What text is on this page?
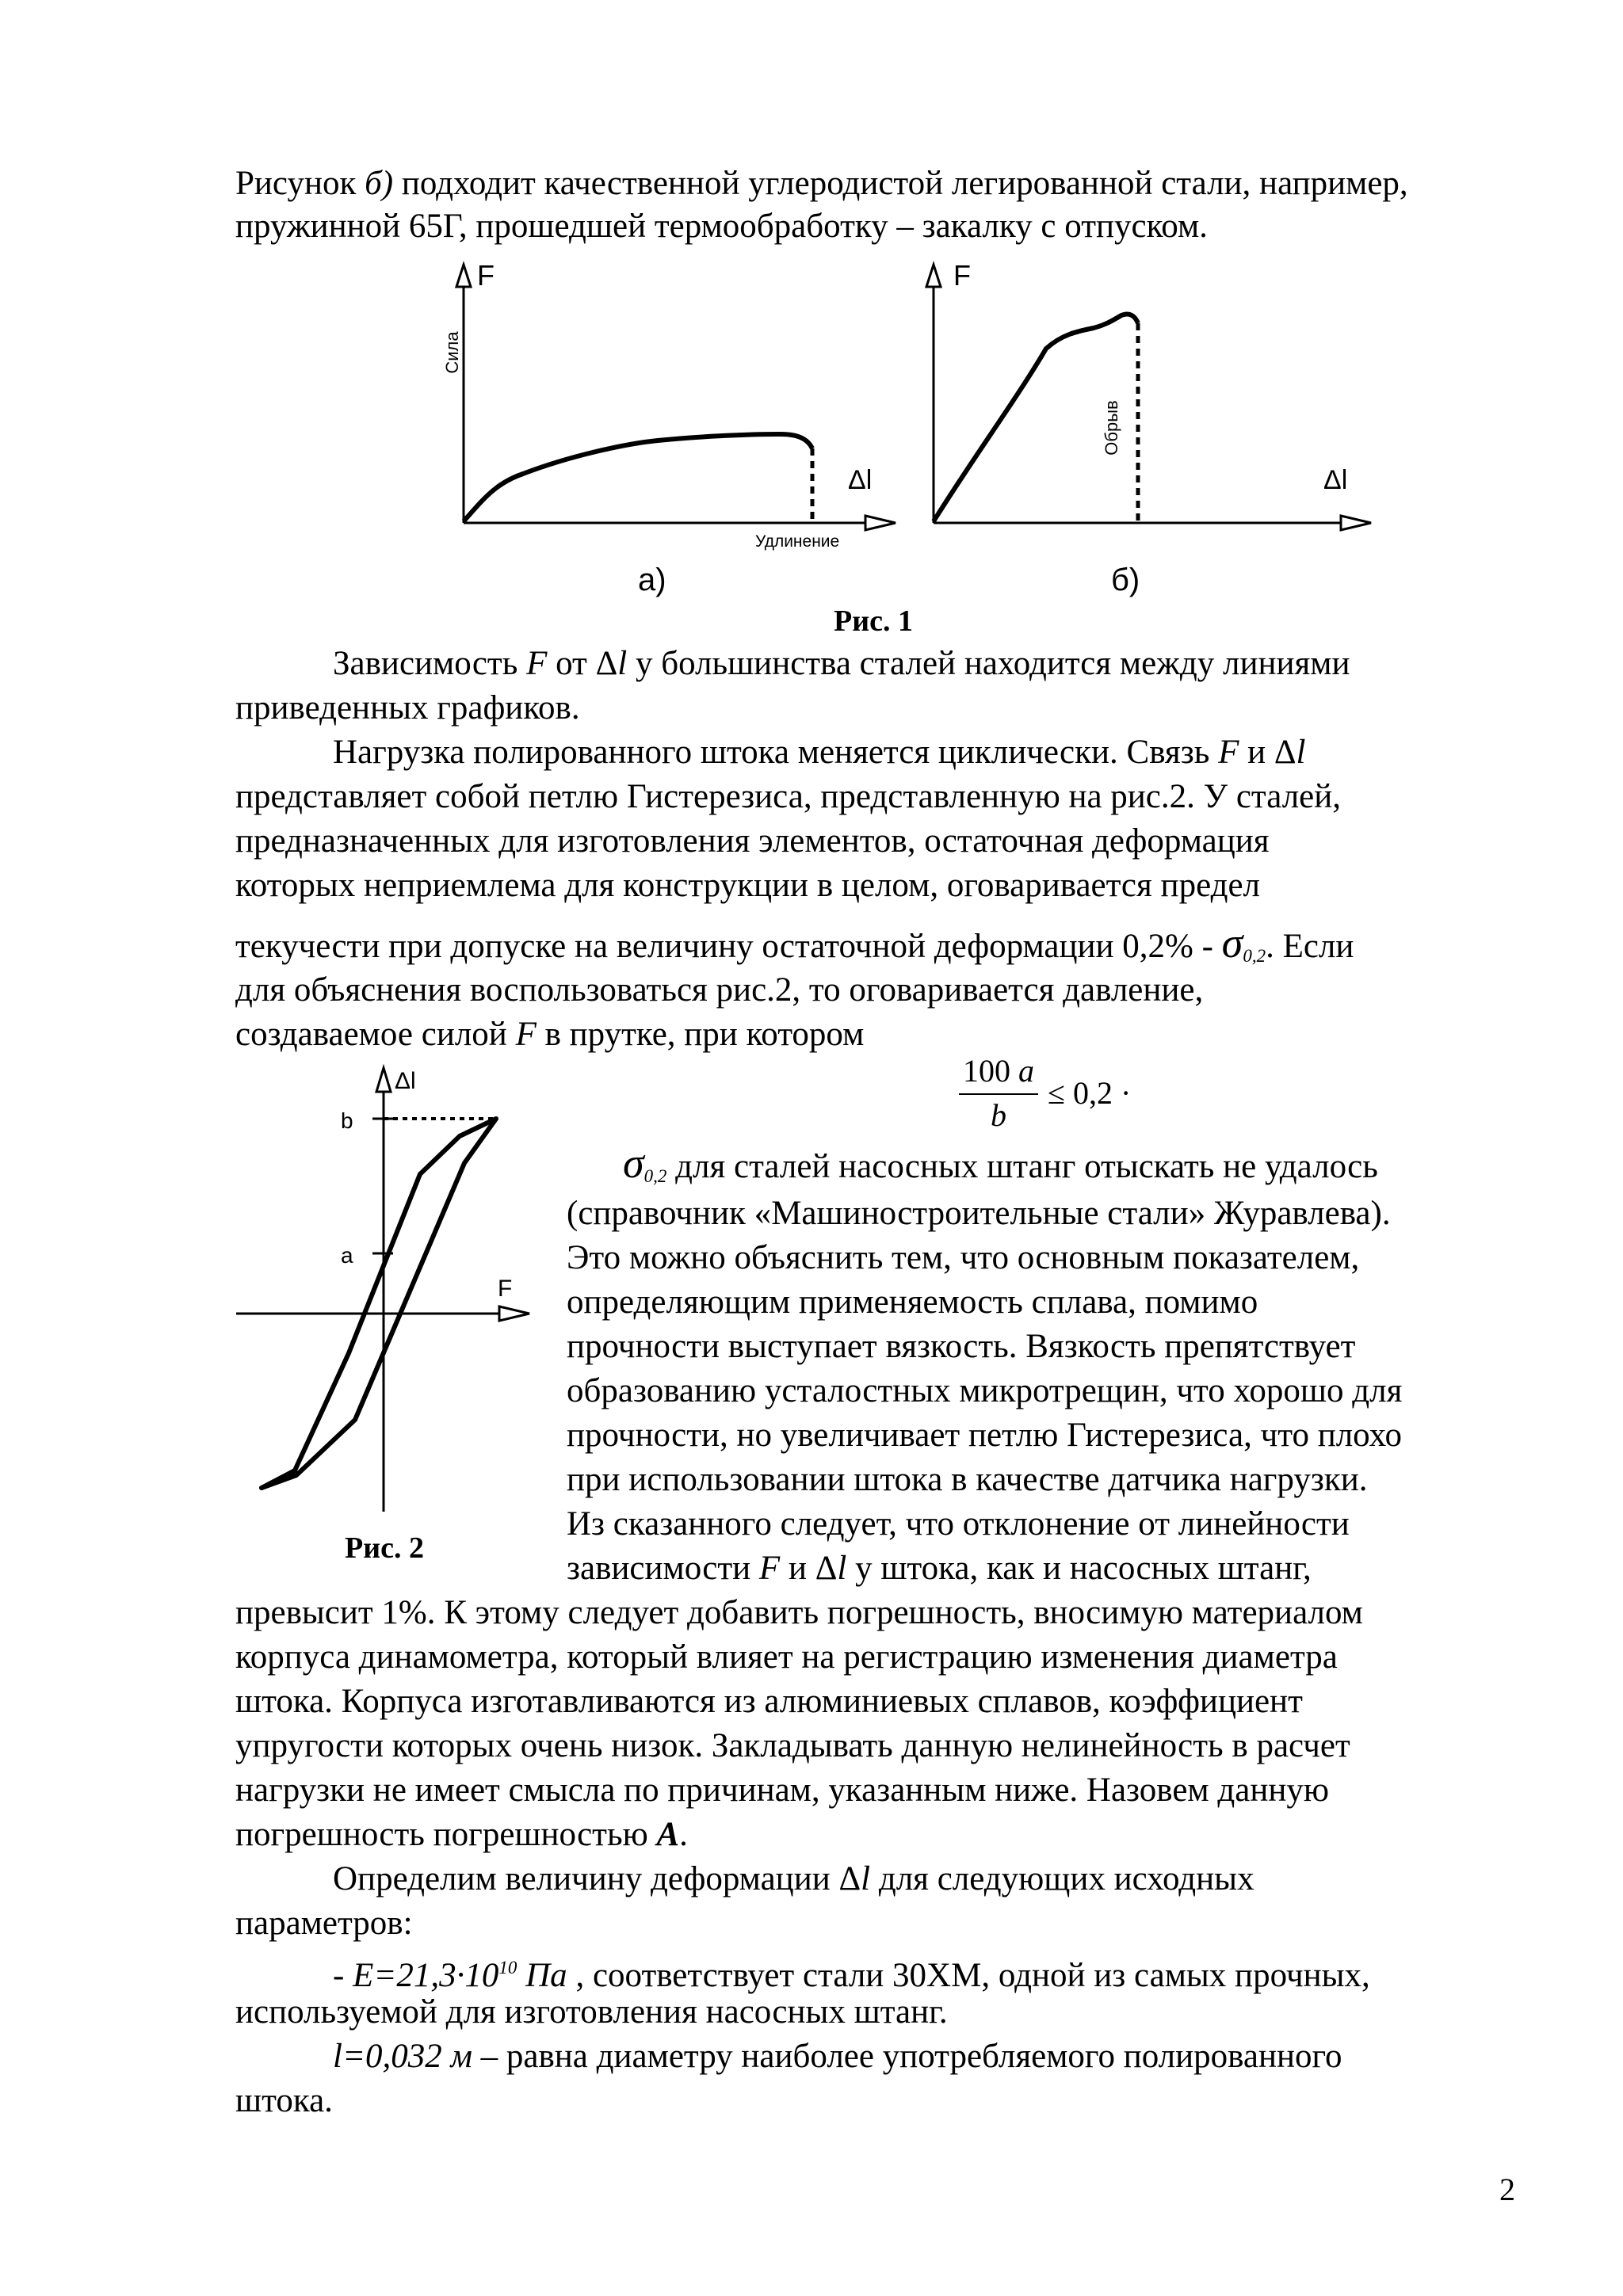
Рисунок б) подходит качественной углеродистой легированной стали, например,
пружинной 65Г, прошедшей термообработку – закалку с отпуском.
F
Сила
Δl
Удлинение
а)
F
Обрыв
Δl
б)
Рис. 1
Зависимость F от Δl у большинства сталей находится между линиями
приведенных графиков.
Нагрузка полированного штока меняется циклически. Связь F и Δl
представляет собой петлю Гистерезиса, представленную на рис.2. У сталей,
предназначенных для изготовления элементов, остаточная деформация
которых неприемлема для конструкции в целом, оговаривается предел
текучести при допуске на величину остаточной деформации $0,2\% - \sigma_{0,2}$. Если
для объяснения воспользоваться рис.2, то оговаривается давление,
создаваемое силой F в прутке, при котором
100 a
b
≤ 0,2 ·
Δl
F
b
a
Рис. 2
$\sigma_{0,2}$ для сталей насосных штанг отыскать не удалось
(справочник «Машиностроительные стали» Журавлева).
Это можно объяснить тем, что основным показателем,
определяющим применяемость сплава, помимо
прочности выступает вязкость. Вязкость препятствует
образованию усталостных микротрещин, что хорошо для
прочности, но увеличивает петлю Гистерезиса, что плохо
при использовании штока в качестве датчика нагрузки.
Из сказанного следует, что отклонение от линейности
зависимости F и Δl у штока, как и насосных штанг,
превысит 1%. К этому следует добавить погрешность, вносимую материалом
корпуса динамометра, который влияет на регистрацию изменения диаметра
штока. Корпуса изготавливаются из алюминиевых сплавов, коэффициент
упругости которых очень низок. Закладывать данную нелинейность в расчет
нагрузки не имеет смысла по причинам, указанным ниже. Назовем данную
погрешность погрешностью A.
Определим величину деформации Δl для следующих исходных
параметров:
- $E=21,3\cdot 10^{10}$ Па , соответствует стали 30ХМ, одной из самых прочных,
используемой для изготовления насосных штанг.
l=0,032 м – равна диаметру наиболее употребляемого полированного
штока.
2
